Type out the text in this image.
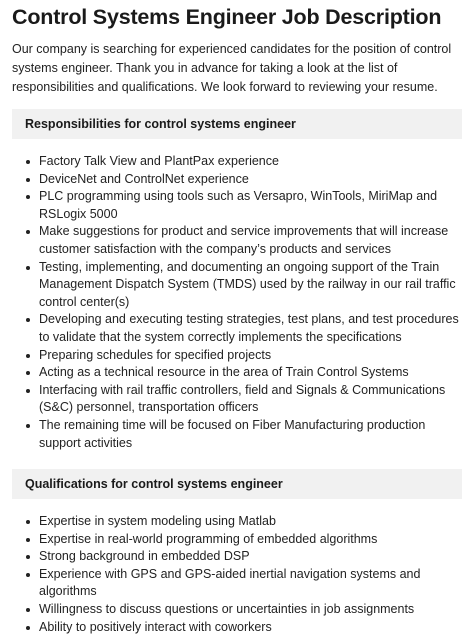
Control Systems Engineer Job Description

Our company is searching for experienced candidates for the position of control systems engineer. Thank you in advance for taking a look at the list of responsibilities and qualifications. We look forward to reviewing your resume.

Responsibilities for control systems engineer
Factory Talk View and PlantPax experience
DeviceNet and ControlNet experience
PLC programming using tools such as Versapro, WinTools, MiriMap and RSLogix 5000
Make suggestions for product and service improvements that will increase customer satisfaction with the company’s products and services
Testing, implementing, and documenting an ongoing support of the Train Management Dispatch System (TMDS) used by the railway in our rail traffic control center(s)
Developing and executing testing strategies, test plans, and test procedures to validate that the system correctly implements the specifications
Preparing schedules for specified projects
Acting as a technical resource in the area of Train Control Systems
Interfacing with rail traffic controllers, field and Signals & Communications (S&C) personnel, transportation officers
The remaining time will be focused on Fiber Manufacturing production support activities
Qualifications for control systems engineer
Expertise in system modeling using Matlab
Expertise in real-world programming of embedded algorithms
Strong background in embedded DSP
Experience with GPS and GPS-aided inertial navigation systems and algorithms
Willingness to discuss questions or uncertainties in job assignments
Ability to positively interact with coworkers
